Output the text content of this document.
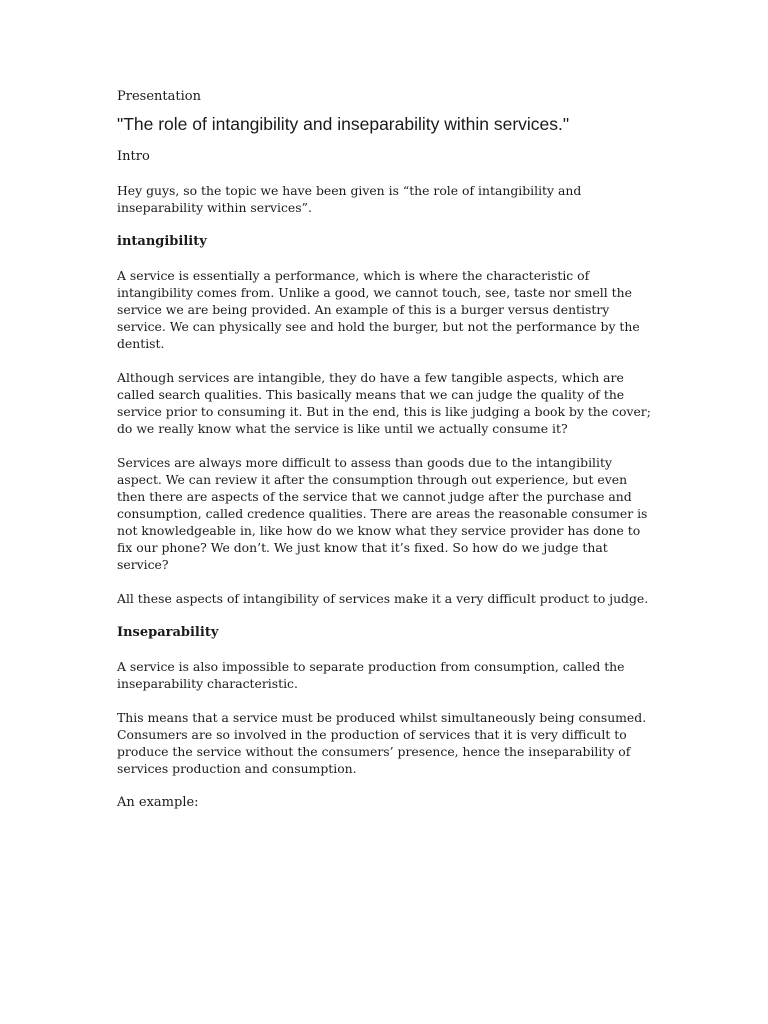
Presentation
"The role of intangibility and inseparability within services."
Intro

Hey guys, so the topic we have been given is “the role of intangibility and inseparability within services”.

intangibility

A service is essentially a performance, which is where the characteristic of intangibility comes from. Unlike a good, we cannot touch, see, taste nor smell the service we are being provided. An example of this is a burger versus dentistry service. We can physically see and hold the burger, but not the performance by the dentist.

Although services are intangible, they do have a few tangible aspects, which are called search qualities. This basically means that we can judge the quality of the service prior to consuming it. But in the end, this is like judging a book by the cover; do we really know what the service is like until we actually consume it?

Services are always more difficult to assess than goods due to the intangibility aspect. We can review it after the consumption through out experience, but even then there are aspects of the service that we cannot judge after the purchase and consumption, called credence qualities. There are areas the reasonable consumer is not knowledgeable in, like how do we know what they service provider has done to fix our phone? We don’t. We just know that it’s fixed. So how do we judge that service?

All these aspects of intangibility of services make it a very difficult product to judge.

Inseparability

A service is also impossible to separate production from consumption, called the inseparability characteristic.

This means that a service must be produced whilst simultaneously being consumed. Consumers are so involved in the production of services that it is very difficult to produce the service without the consumers’ presence, hence the inseparability of services production and consumption.

An example:
